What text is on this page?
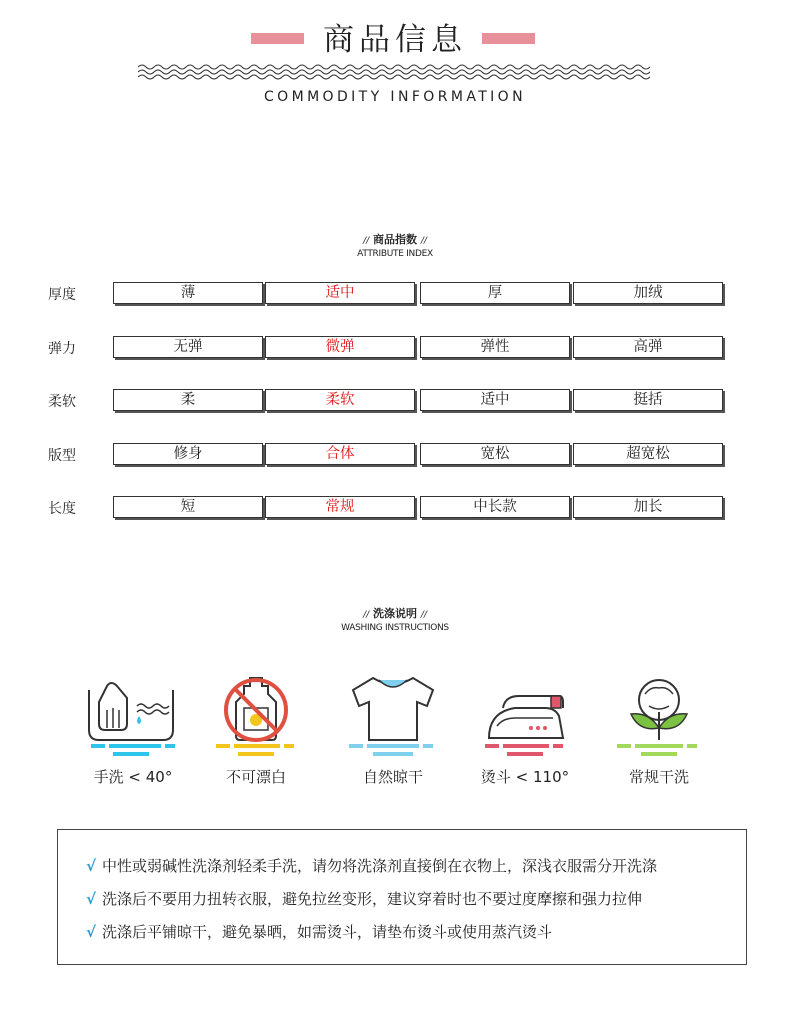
商品信息
COMMODITY INFORMATION
// 商品指数 //
ATTRIBUTE INDEX
厚度	薄	适中	厚	加绒
弹力	无弹	微弹	弹性	高弹
柔软	柔	柔软	适中	挺括
版型	修身	合体	宽松	超宽松
长度	短	常规	中长款	加长
// 洗涤说明 //
WASHING INSTRUCTIONS
手洗 < 40°	不可漂白	自然晾干	烫斗 < 110°	常规干洗
√ 中性或弱碱性洗涤剂轻柔手洗，请勿将洗涤剂直接倒在衣物上，深浅衣服需分开洗涤
√ 洗涤后不要用力扭转衣服，避免拉丝变形，建议穿着时也不要过度摩擦和强力拉伸
√ 洗涤后平铺晾干，避免暴晒，如需烫斗，请垫布烫斗或使用蒸汽烫斗
